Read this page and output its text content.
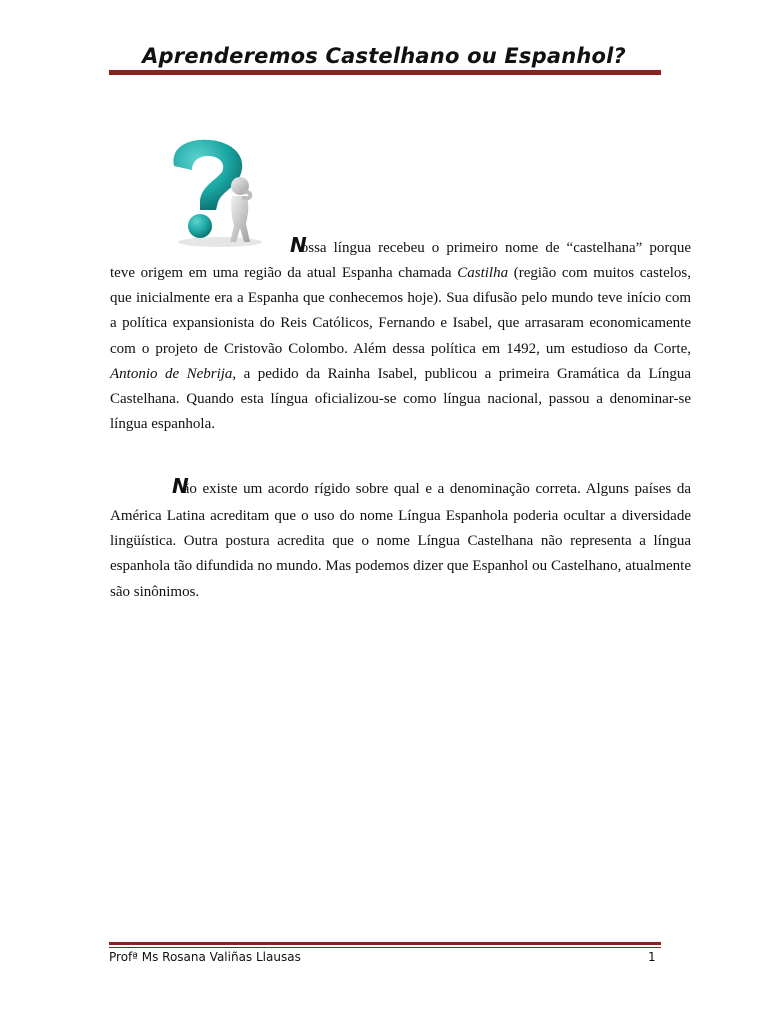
Aprenderemos Castelhano ou Espanhol?
Nossa língua recebeu o primeiro nome de “castelhana” porque
teve origem em uma região da atual Espanha chamada Castilha (região com muitos castelos, que inicialmente era a Espanha que conhecemos hoje). Sua difusão pelo mundo teve início com a política expansionista do Reis Católicos, Fernando e Isabel, que arrasaram economicamente com o projeto de Cristovão Colombo. Além dessa política em 1492, um estudioso da Corte, Antonio de Nebrija, a pedido da Rainha Isabel, publicou a primeira Gramática da Língua Castelhana. Quando esta língua oficializou-se como língua nacional, passou a denominar-se língua espanhola.
Não existe um acordo rígido sobre qual e a denominação correta. Alguns países da
América Latina acreditam que o uso do nome Língua Espanhola poderia ocultar a diversidade lingüística. Outra postura acredita que o nome Língua Castelhana não representa a língua espanhola tão difundida no mundo. Mas podemos dizer que Espanhol ou Castelhano, atualmente são sinônimos.
Profª Ms Rosana Valiñas Llausas	1
